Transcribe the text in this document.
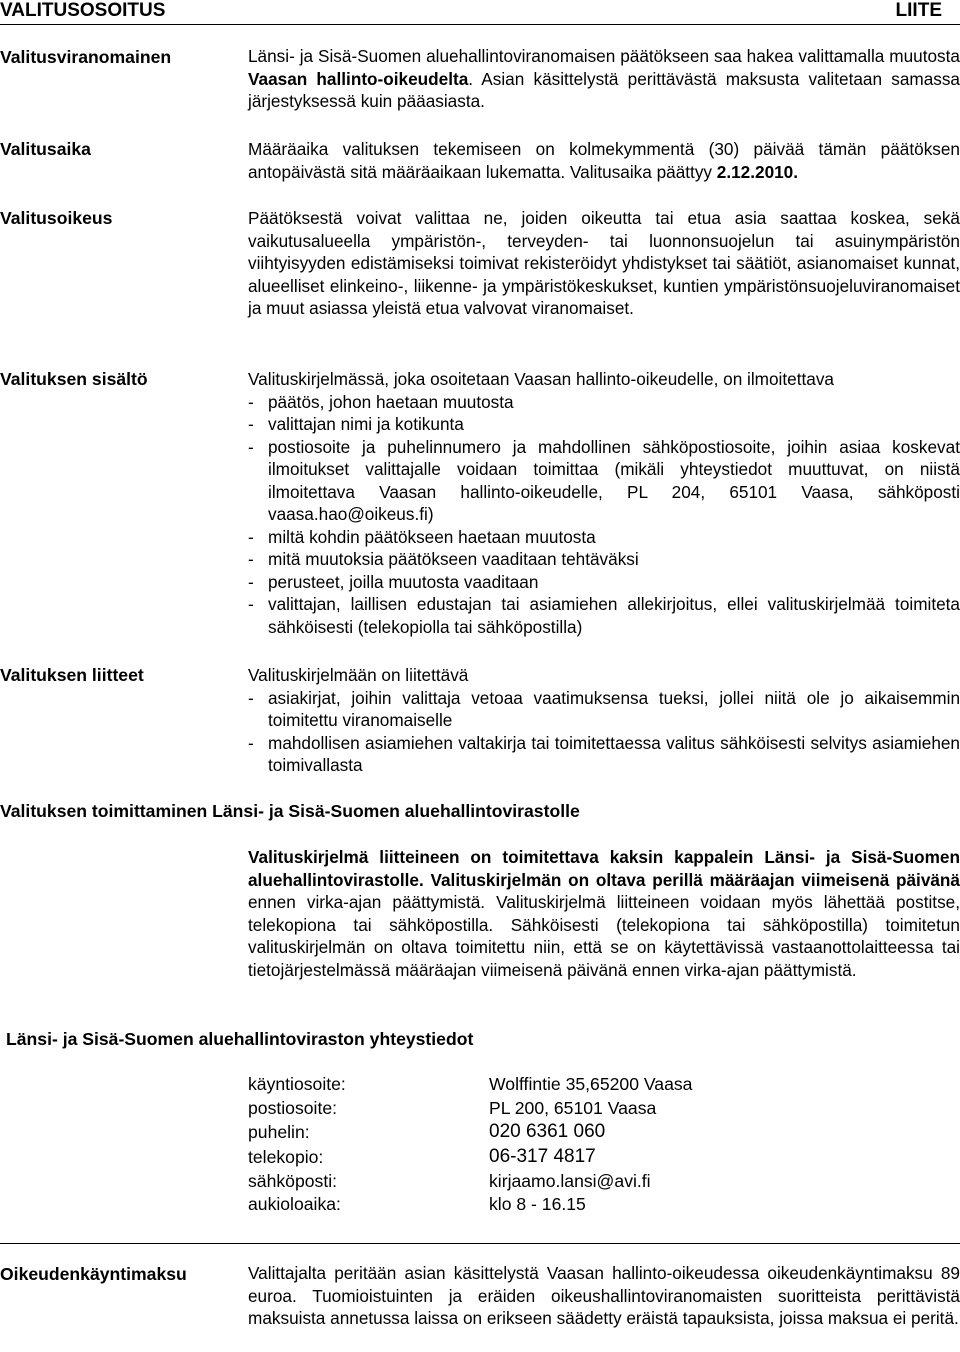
VALITUSOSOITUS	LIITE
Valitusviranomainen	Länsi- ja Sisä-Suomen aluehallintoviranomaisen päätökseen saa hakea valittamalla muutosta Vaasan hallinto-oikeudelta. Asian käsittelystä perittävästä maksusta valitetaan samassa järjestyksessä kuin pääasiasta.
Valitusaika	Määräaika valituksen tekemiseen on kolmekymmentä (30) päivää tämän päätöksen antopäivästä sitä määräaikaan lukematta. Valitusaika päättyy 2.12.2010.
Valitusoikeus	Päätöksestä voivat valittaa ne, joiden oikeutta tai etua asia saattaa koskea, sekä vaikutusalueella ympäristön-, terveyden- tai luonnonsuojelun tai asuinympäristön viihtyisyyden edistämiseksi toimivat rekisteröidyt yhdistykset tai säätiöt, asianomaiset kunnat, alueelliset elinkeino-, liikenne- ja ympäristökeskukset, kuntien ympäristönsuojeluviranomaiset ja muut asiassa yleistä etua valvovat viranomaiset.
Valituksen sisältö	Valituskirjelmässä, joka osoitetaan Vaasan hallinto-oikeudelle, on ilmoitettava
- päätös, johon haetaan muutosta
- valittajan nimi ja kotikunta
- postiosoite ja puhelinnumero ja mahdollinen sähköpostiosoite, joihin asiaa koskevat ilmoitukset valittajalle voidaan toimittaa (mikäli yhteystiedot muuttuvat, on niistä ilmoitettava Vaasan hallinto-oikeudelle, PL 204, 65101 Vaasa, sähköposti vaasa.hao@oikeus.fi)
- miltä kohdin päätökseen haetaan muutosta
- mitä muutoksia päätökseen vaaditaan tehtäväksi
- perusteet, joilla muutosta vaaditaan
- valittajan, laillisen edustajan tai asiamiehen allekirjoitus, ellei valituskirjelmää toimiteta sähköisesti (telekopiolla tai sähköpostilla)
Valituksen liitteet	Valituskirjelmään on liitettävä
- asiakirjat, joihin valittaja vetoaa vaatimuksensa tueksi, jollei niitä ole jo aikaisemmin toimitettu viranomaiselle
- mahdollisen asiamiehen valtakirja tai toimitettaessa valitus sähköisesti selvitys asiamiehen toimivallasta
Valituksen toimittaminen Länsi- ja Sisä-Suomen aluehallintovirastolle
Valituskirjelmä liitteineen on toimitettava kaksin kappalein Länsi- ja Sisä-Suomen aluehallintovirastolle. Valituskirjelmän on oltava perillä määräajan viimeisenä päivänä ennen virka-ajan päättymistä. Valituskirjelmä liitteineen voidaan myös lähettää postitse, telekopiona tai sähköpostilla. Sähköisesti (telekopiona tai sähköpostilla) toimitetun valituskirjelmän on oltava toimitettu niin, että se on käytettävissä vastaanottolaitteessa tai tietojärjestelmässä määräajan viimeisenä päivänä ennen virka-ajan päättymistä.
Länsi- ja Sisä-Suomen aluehallintoviraston yhteystiedot
käyntiosoite:	Wolffintie 35,65200 Vaasa
postiosoite:	PL 200, 65101 Vaasa
puhelin:	020 6361 060
telekopio:	06-317 4817
sähköposti:	kirjaamo.lansi@avi.fi
aukioloaika:	klo 8 - 16.15
Oikeudenkäyntimaksu	Valittajalta peritään asian käsittelystä Vaasan hallinto-oikeudessa oikeudenkäyntimaksu 89 euroa. Tuomioistuinten ja eräiden oikeushallintoviranomaisten suoritteista perittävistä maksuista annetussa laissa on erikseen säädetty eräistä tapauksista, joissa maksua ei peritä.
